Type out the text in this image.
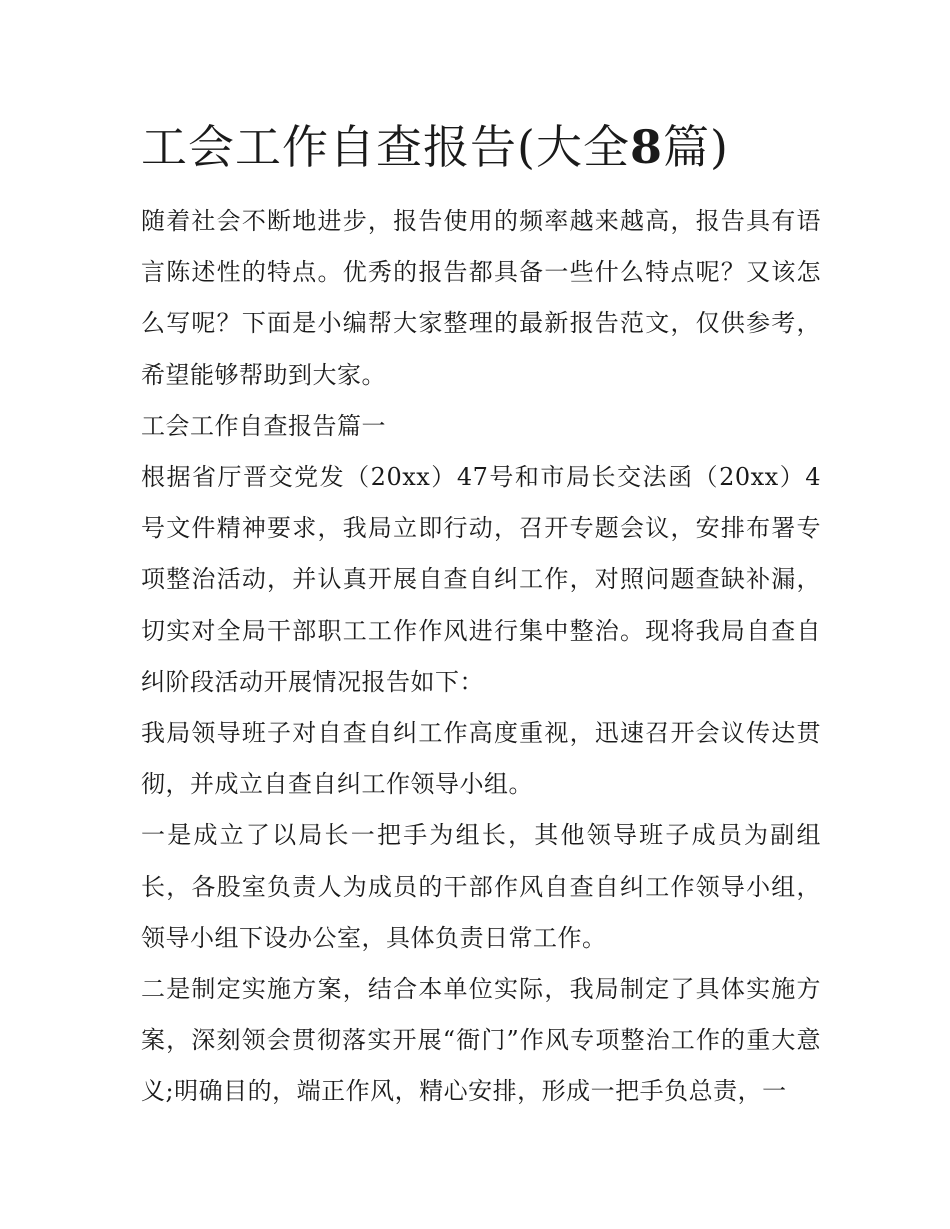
工会工作自查报告(大全8篇)

随着社会不断地进步，报告使用的频率越来越高，报告具有语言陈述性的特点。优秀的报告都具备一些什么特点呢？又该怎么写呢？下面是小编帮大家整理的最新报告范文，仅供参考，希望能够帮助到大家。

工会工作自查报告篇一

根据省厅晋交党发（20xx）47号和市局长交法函（20xx）4号文件精神要求，我局立即行动，召开专题会议，安排布署专项整治活动，并认真开展自查自纠工作，对照问题查缺补漏，切实对全局干部职工工作作风进行集中整治。现将我局自查自纠阶段活动开展情况报告如下：

我局领导班子对自查自纠工作高度重视，迅速召开会议传达贯彻，并成立自查自纠工作领导小组。

一是成立了以局长一把手为组长，其他领导班子成员为副组长，各股室负责人为成员的干部作风自查自纠工作领导小组，领导小组下设办公室，具体负责日常工作。

二是制定实施方案，结合本单位实际，我局制定了具体实施方案，深刻领会贯彻落实开展“衙门”作风专项整治工作的重大意义;明确目的，端正作风，精心安排，形成一把手负总责，一
